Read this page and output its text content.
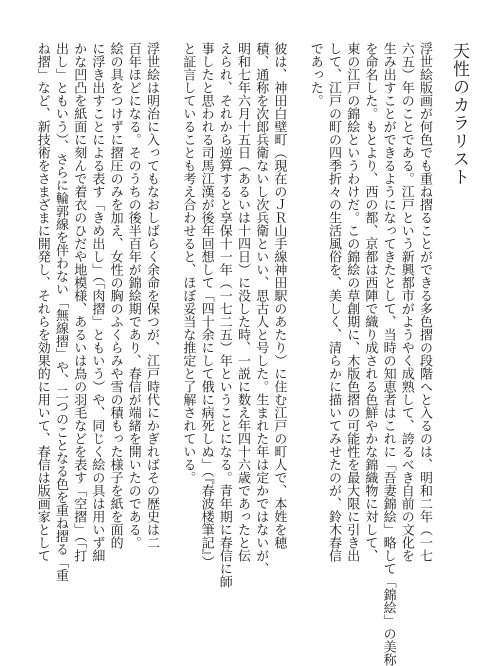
天性のカラリスト
浮世絵版画が何色でも重ね摺ることができる多色摺の段階へと入るのは、明和二年（一七
六五）年のことである。江戸という新興都市がようやく成熟して、誇るべき自前の文化を
生み出すことができるようになってきたとして、当時の知恵者はこれに「吾妻錦絵」略して「錦絵」の美称
を命名した。もとより、西の都、京都は西陣で織り成される色鮮やかな錦織物に対して、
東の江戸の錦絵というわけだ。この錦絵の草創期に、木版色摺の可能性を最大限に引き出
して、江戸の町の四季折々の生活風俗を、美しく、清らかに描いてみせたのが、鈴木春信
であった。
彼は、神田白壁町（現在のＪＲ山手線神田駅のあたり）に住む江戸の町人で、本姓を穂
積、通称を次郎兵衛ないし次兵衛といい、思古人と号した。生まれた年は定かではないが、
明和七年六月十五日（あるいは十四日）に没した時、一説に数え年四十六歳であったと伝
えられ、それから逆算すると享保十一年（一七二五）年ということになる。青年期に春信に師
事したと思われる司馬江漢が後年回想して「四十余にして俄に病死しぬ」（『春波楼筆記』）
と証言していることも考え合わせると、ほぼ妥当な推定と了解されている。
浮世絵は明治に入ってもなおしばらく余命を保つが、江戸時代にかぎればその歴史は二
百年ほどになる。そのうちの後半百年が錦絵期であり、春信が端緒を開いたのである。
絵の具をつけずに摺圧のみを加え、女性の胸のふくらみや雪の積もった様子を紙を面的
に浮き出すことによる表す「きめ出し」（「肉摺」ともいう）や、同じく絵の具は用いず細
かな凹凸を紙面に刻んで着衣のひだや地模様、あるいは鳥の羽毛などを表す「空摺」（「打
出し」ともいう）、さらに輪郭線を伴わない「無線摺」や、二つのことなる色を重ね摺る「重
ね摺」など、新技術をさまざまに開発し、それらを効果的に用いて、春信は版画家として
